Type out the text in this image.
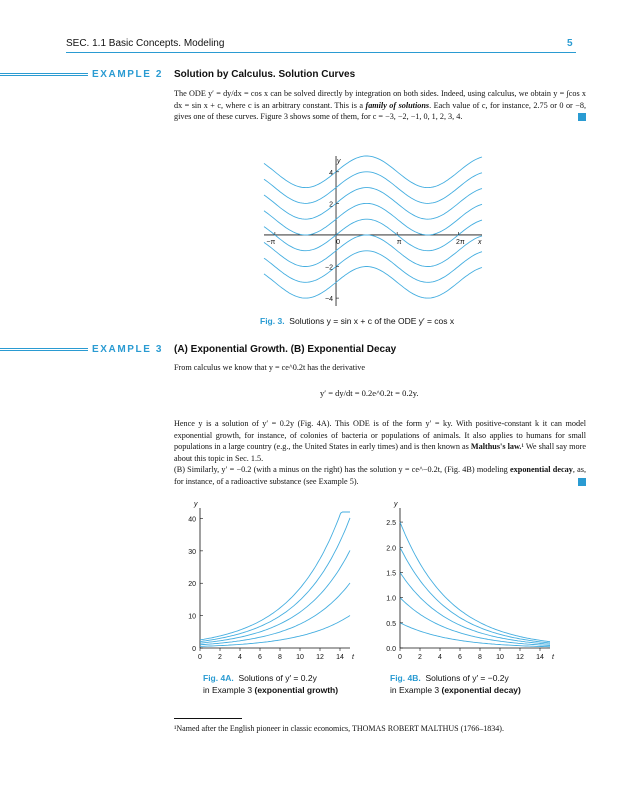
SEC. 1.1 Basic Concepts. Modeling	5
EXAMPLE 2 Solution by Calculus. Solution Curves
The ODE y′ = dy/dx = cos x can be solved directly by integration on both sides. Indeed, using calculus, we obtain y = ∫cos x dx = sin x + c, where c is an arbitrary constant. This is a family of solutions. Each value of c, for instance, 2.75 or 0 or −8, gives one of these curves. Figure 3 shows some of them, for c = −3, −2, −1, 0, 1, 2, 3, 4.
−π	0	π	2π
4
2
−2
−4
x
y
Fig. 3. Solutions y = sin x + c of the ODE y′ = cos x
EXAMPLE 3 (A) Exponential Growth. (B) Exponential Decay
From calculus we know that y = ce^0.2t has the derivative
y′ = dy/dt = 0.2e^0.2t = 0.2y.
Hence y is a solution of y′ = 0.2y (Fig. 4A). This ODE is of the form y′ = ky. With positive-constant k it can model exponential growth, for instance, of colonies of bacteria or populations of animals. It also applies to humans for small populations in a large country (e.g., the United States in early times) and is then known as Malthus's law.¹ We shall say more about this topic in Sec. 1.5.
(B) Similarly, y′ = −0.2 (with a minus on the right) has the solution y = ce^−0.2t, (Fig. 4B) modeling exponential decay, as, for instance, of a radioactive substance (see Example 5).
0 2 4 6 8 10 12 14
0
10
20
30
40
t
y
Fig. 4A. Solutions of y′ = 0.2y
in Example 3 (exponential growth)
0 2 4 6 8 10 12 14
0.0
0.5
1.0
1.5
2.0
2.5
t
y
Fig. 4B. Solutions of y′ = −0.2y
in Example 3 (exponential decay)
¹Named after the English pioneer in classic economics, THOMAS ROBERT MALTHUS (1766–1834).
